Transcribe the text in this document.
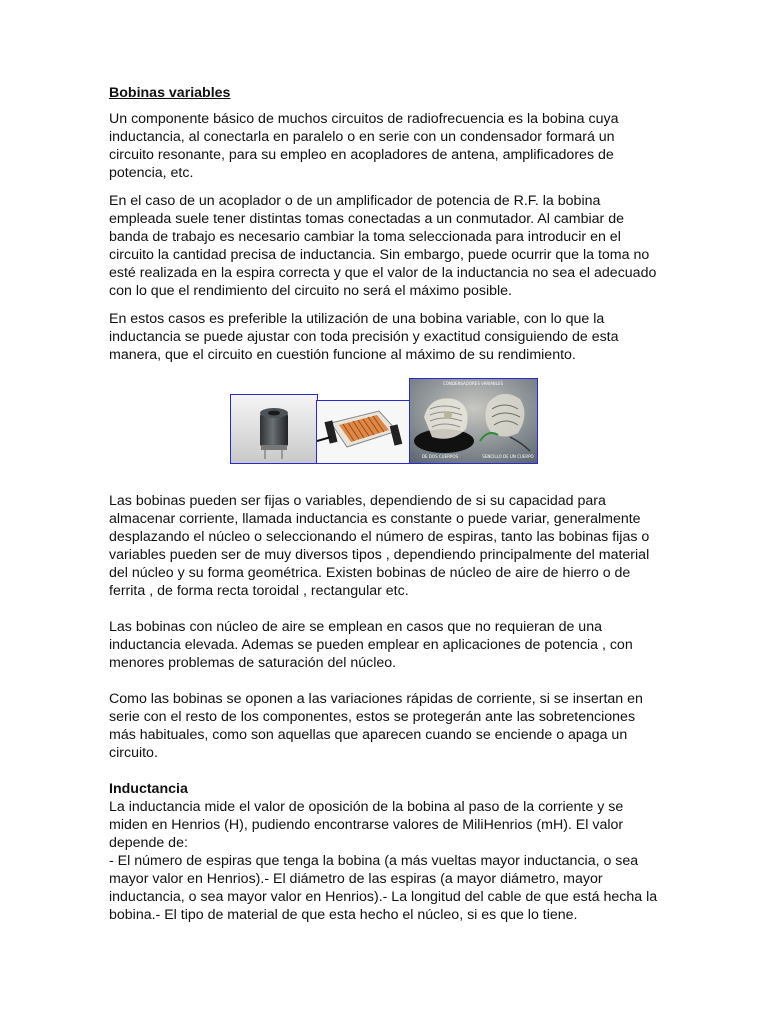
Bobinas variables

Un componente básico de muchos circuitos de radiofrecuencia es la bobina cuya inductancia, al conectarla en paralelo o en serie con un condensador formará un circuito resonante, para su empleo en acopladores de antena, amplificadores de potencia, etc.

En el caso de un acoplador o de un amplificador de potencia de R.F. la bobina empleada suele tener distintas tomas conectadas a un conmutador. Al cambiar de banda de trabajo es necesario cambiar la toma seleccionada para introducir en el circuito la cantidad precisa de inductancia. Sin embargo, puede ocurrir que la toma no esté realizada en la espira correcta y que el valor de la inductancia no sea el adecuado con lo que el rendimiento del circuito no será el máximo posible.

En estos casos es preferible la utilización de una bobina variable, con lo que la inductancia se puede ajustar con toda precisión y exactitud consiguiendo de esta manera, que el circuito en cuestión funcione al máximo de su rendimiento.

CONDENSADORES VARIABLES
DE DOS CUERPOS	SENCILLO DE UN CUERPO

Las bobinas pueden ser fijas o variables, dependiendo de si su capacidad para almacenar corriente, llamada inductancia es constante o puede variar, generalmente desplazando el núcleo o seleccionando el número de espiras, tanto las bobinas fijas o variables pueden ser de muy diversos tipos , dependiendo principalmente del material del núcleo y su forma geométrica. Existen bobinas de núcleo de aire de hierro o de ferrita , de forma recta toroidal , rectangular etc.

Las bobinas con núcleo de aire se emplean en casos que no requieran de una inductancia elevada. Ademas se pueden emplear en aplicaciones de potencia , con menores problemas de saturación del núcleo.

Como las bobinas se oponen a las variaciones rápidas de corriente, si se insertan en serie con el resto de los componentes, estos se protegerán ante las sobretenciones más habituales, como son aquellas que aparecen cuando se enciende o apaga un circuito.

Inductancia

La inductancia mide el valor de oposición de la bobina al paso de la corriente y se miden en Henrios (H), pudiendo encontrarse valores de MiliHenrios (mH). El valor depende de:
- El número de espiras que tenga la bobina (a más vueltas mayor inductancia, o sea mayor valor en Henrios).- El diámetro de las espiras (a mayor diámetro, mayor inductancia, o sea mayor valor en Henrios).- La longitud del cable de que está hecha la bobina.- El tipo de material de que esta hecho el núcleo, si es que lo tiene.
